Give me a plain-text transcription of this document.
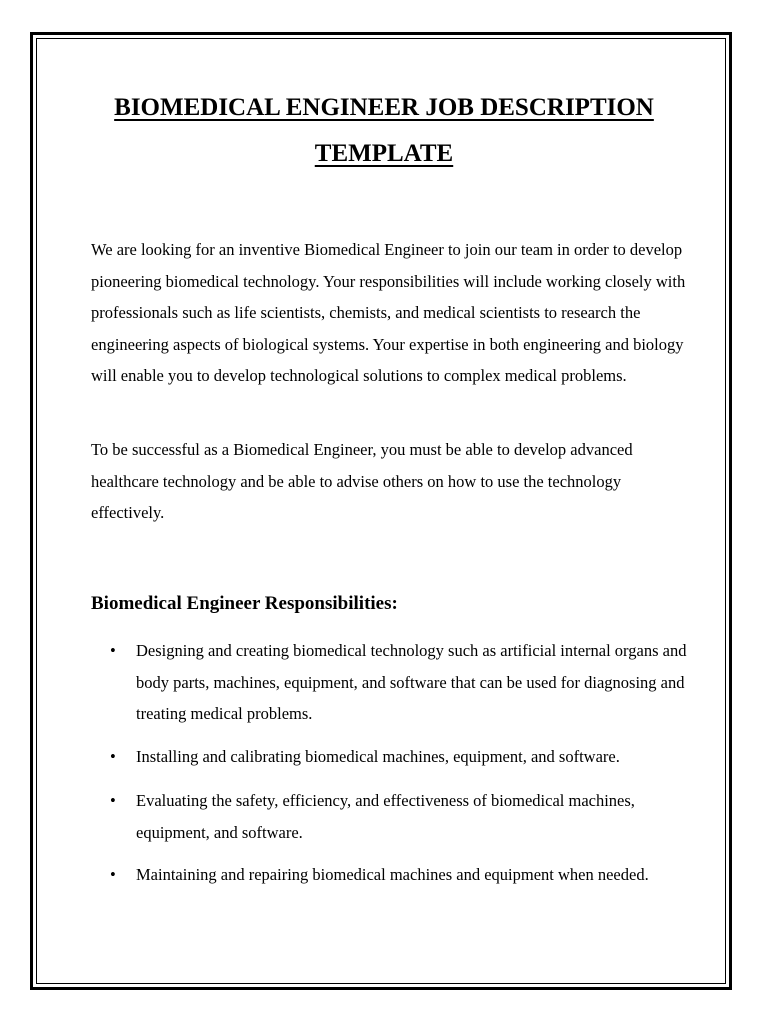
BIOMEDICAL ENGINEER JOB DESCRIPTION
TEMPLATE

We are looking for an inventive Biomedical Engineer to join our team in order to develop pioneering biomedical technology. Your responsibilities will include working closely with professionals such as life scientists, chemists, and medical scientists to research the engineering aspects of biological systems. Your expertise in both engineering and biology will enable you to develop technological solutions to complex medical problems.

To be successful as a Biomedical Engineer, you must be able to develop advanced healthcare technology and be able to advise others on how to use the technology effectively.

Biomedical Engineer Responsibilities:
•	Designing and creating biomedical technology such as artificial internal organs and body parts, machines, equipment, and software that can be used for diagnosing and treating medical problems.
•	Installing and calibrating biomedical machines, equipment, and software.
•	Evaluating the safety, efficiency, and effectiveness of biomedical machines, equipment, and software.
•	Maintaining and repairing biomedical machines and equipment when needed.
